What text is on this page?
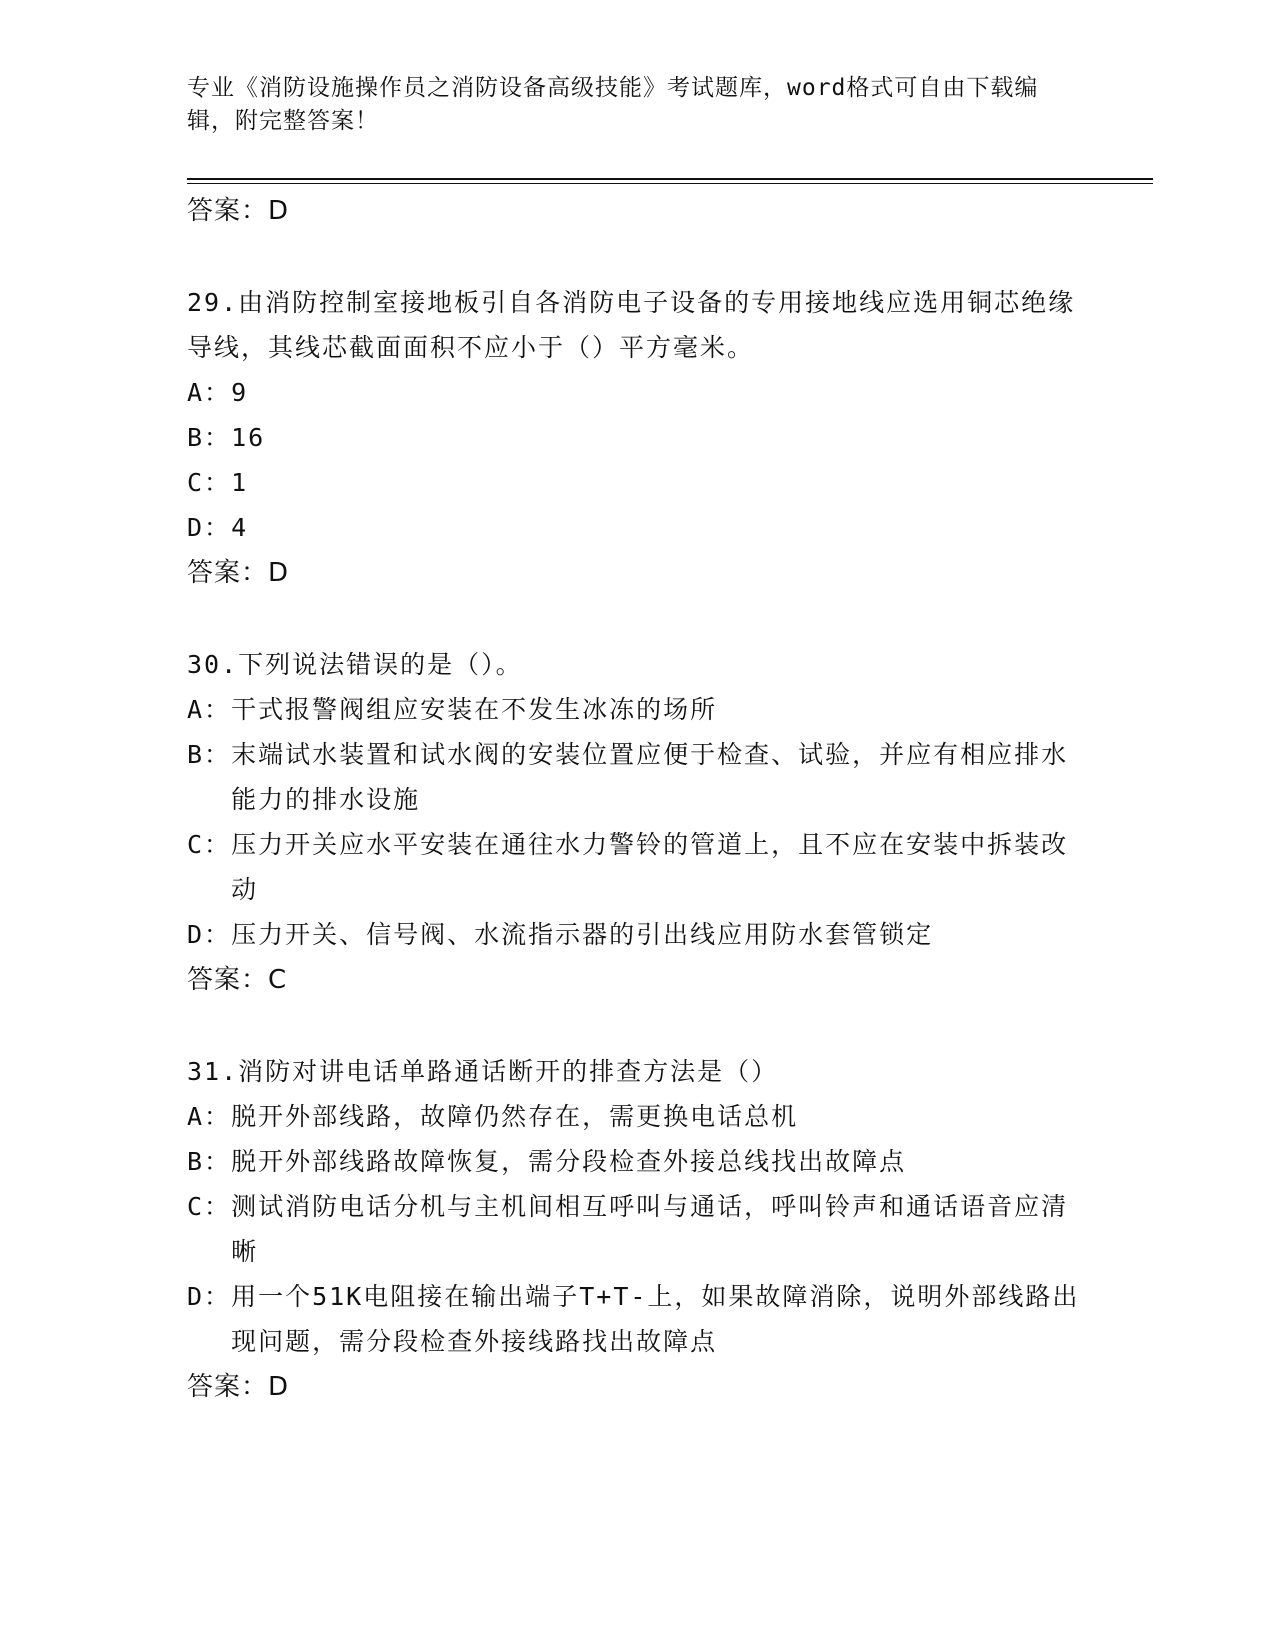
专业《消防设施操作员之消防设备高级技能》考试题库，word格式可自由下载编辑，附完整答案！
答案：D
29.由消防控制室接地板引自各消防电子设备的专用接地线应选用铜芯绝缘导线，其线芯截面面积不应小于（）平方毫米。
A： 9
B： 16
C： 1
D： 4
答案：D
30.下列说法错误的是（）。
A： 干式报警阀组应安装在不发生冰冻的场所
B： 末端试水装置和试水阀的安装位置应便于检查、试验，并应有相应排水能力的排水设施
C： 压力开关应水平安装在通往水力警铃的管道上，且不应在安装中拆装改动
D： 压力开关、信号阀、水流指示器的引出线应用防水套管锁定
答案：C
31.消防对讲电话单路通话断开的排查方法是（）
A： 脱开外部线路，故障仍然存在，需更换电话总机
B： 脱开外部线路故障恢复，需分段检查外接总线找出故障点
C： 测试消防电话分机与主机间相互呼叫与通话，呼叫铃声和通话语音应清晰
D： 用一个51K电阻接在输出端子T+T-上，如果故障消除，说明外部线路出现问题，需分段检查外接线路找出故障点
答案：D
